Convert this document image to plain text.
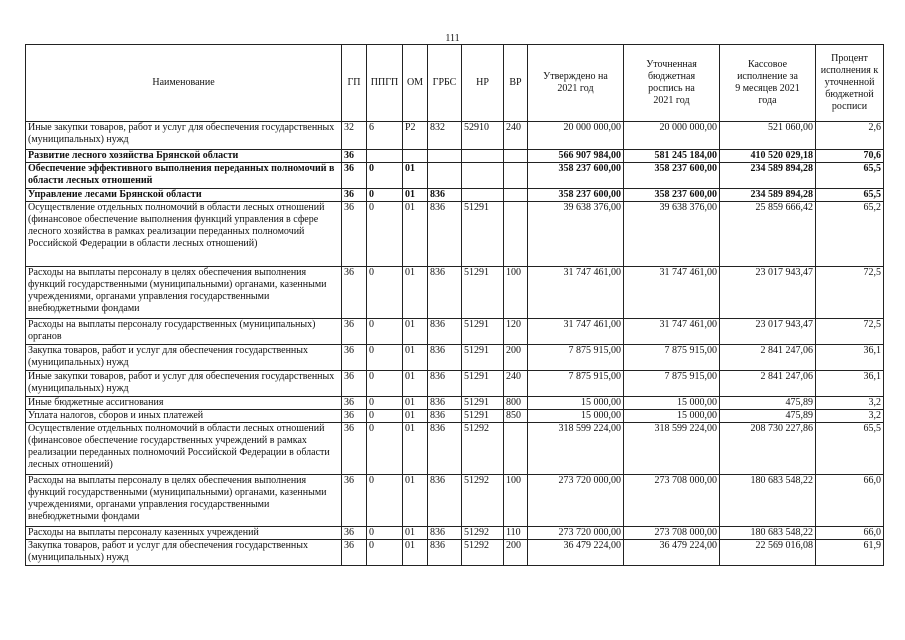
111
Наименование	ГП	ППГП	ОМ	ГРБС	НР	ВР	Утверждено на 2021 год	Уточненная бюджетная роспись на 2021 год	Кассовое исполнение за 9 месяцев 2021 года	Процент исполнения к уточненной бюджетной росписи
Иные закупки товаров, работ и услуг для обеспечения государственных (муниципальных) нужд	32	6	Р2	832	52910	240	20 000 000,00	20 000 000,00	521 060,00	2,6
Развитие лесного хозяйства Брянской области	36						566 907 984,00	581 245 184,00	410 520 029,18	70,6
Обеспечение эффективного выполнения переданных полномочий в области лесных отношений	36	0	01				358 237 600,00	358 237 600,00	234 589 894,28	65,5
Управление лесами Брянской области	36	0	01	836			358 237 600,00	358 237 600,00	234 589 894,28	65,5
Осуществление отдельных полномочий в области лесных отношений (финансовое обеспечение выполнения функций управления в сфере лесного хозяйства в рамках реализации переданных полномочий Российской Федерации в области лесных отношений)	36	0	01	836	51291		39 638 376,00	39 638 376,00	25 859 666,42	65,2
Расходы на выплаты персоналу в целях обеспечения выполнения функций государственными (муниципальными) органами, казенными учреждениями, органами управления государственными внебюджетными фондами	36	0	01	836	51291	100	31 747 461,00	31 747 461,00	23 017 943,47	72,5
Расходы на выплаты персоналу государственных (муниципальных) органов	36	0	01	836	51291	120	31 747 461,00	31 747 461,00	23 017 943,47	72,5
Закупка товаров, работ и услуг для обеспечения государственных (муниципальных) нужд	36	0	01	836	51291	200	7 875 915,00	7 875 915,00	2 841 247,06	36,1
Иные закупки товаров, работ и услуг для обеспечения государственных (муниципальных) нужд	36	0	01	836	51291	240	7 875 915,00	7 875 915,00	2 841 247,06	36,1
Иные бюджетные ассигнования	36	0	01	836	51291	800	15 000,00	15 000,00	475,89	3,2
Уплата налогов, сборов и иных платежей	36	0	01	836	51291	850	15 000,00	15 000,00	475,89	3,2
Осуществление отдельных полномочий в области лесных отношений (финансовое обеспечение государственных учреждений в рамках реализации переданных полномочий Российской Федерации в области лесных отношений)	36	0	01	836	51292		318 599 224,00	318 599 224,00	208 730 227,86	65,5
Расходы на выплаты персоналу в целях обеспечения выполнения функций государственными (муниципальными) органами, казенными учреждениями, органами управления государственными внебюджетными фондами	36	0	01	836	51292	100	273 720 000,00	273 708 000,00	180 683 548,22	66,0
Расходы на выплаты персоналу казенных учреждений	36	0	01	836	51292	110	273 720 000,00	273 708 000,00	180 683 548,22	66,0
Закупка товаров, работ и услуг для обеспечения государственных (муниципальных) нужд	36	0	01	836	51292	200	36 479 224,00	36 479 224,00	22 569 016,08	61,9
